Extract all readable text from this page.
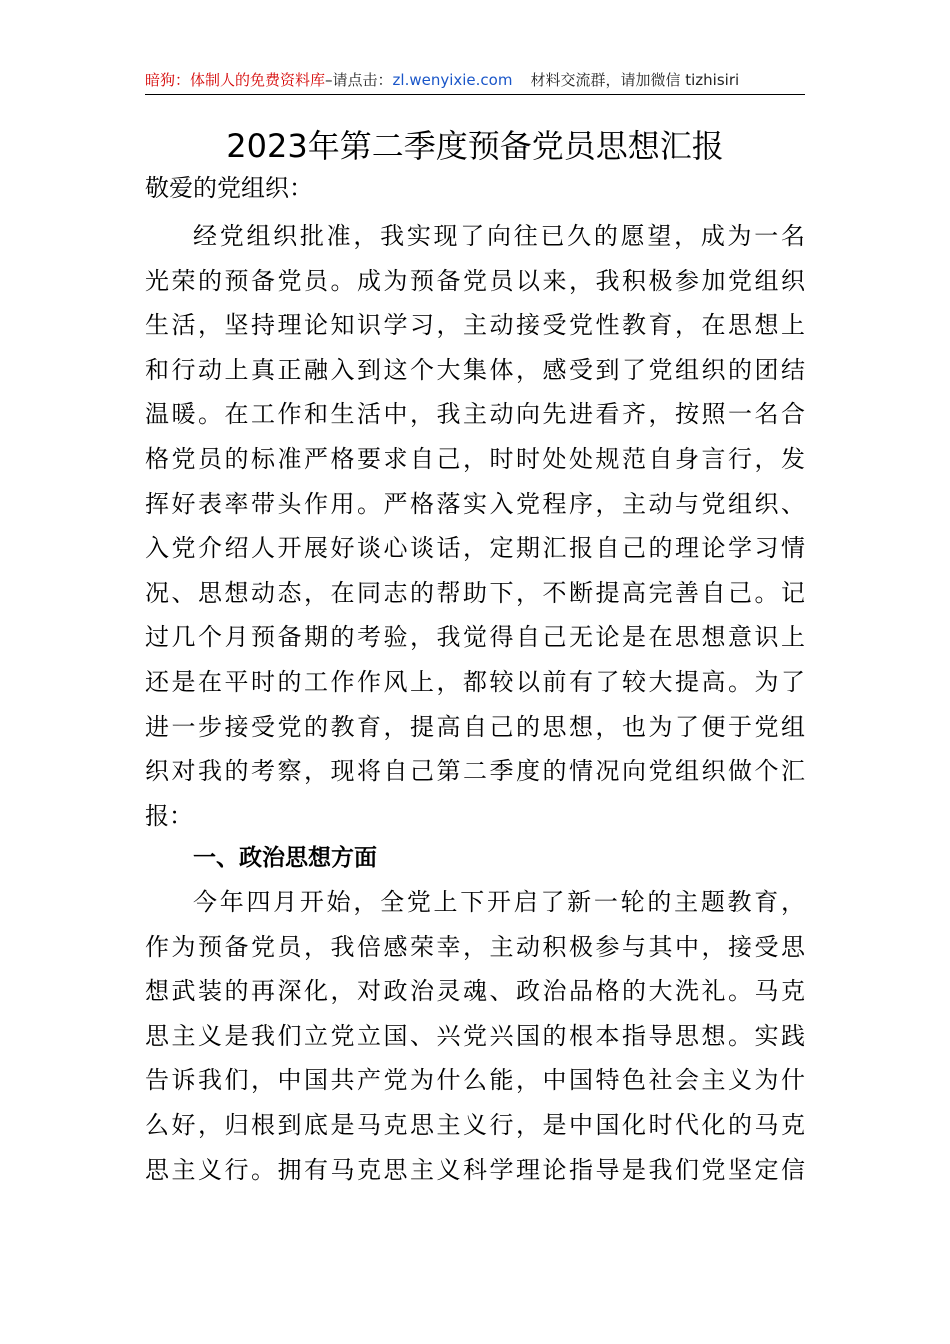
暗狗：体制人的免费资料库–请点击：zl.wenyixie.com 材料交流群，请加微信 tizhisiri
2023年第二季度预备党员思想汇报
敬爱的党组织：
经党组织批准，我实现了向往已久的愿望，成为一名
光荣的预备党员。成为预备党员以来，我积极参加党组织
生活，坚持理论知识学习，主动接受党性教育，在思想上
和行动上真正融入到这个大集体，感受到了党组织的团结
温暖。在工作和生活中，我主动向先进看齐，按照一名合
格党员的标准严格要求自己，时时处处规范自身言行，发
挥好表率带头作用。严格落实入党程序，主动与党组织、
入党介绍人开展好谈心谈话，定期汇报自己的理论学习情
况、思想动态，在同志的帮助下，不断提高完善自己。记
过几个月预备期的考验，我觉得自己无论是在思想意识上
还是在平时的工作作风上，都较以前有了较大提高。为了
进一步接受党的教育，提高自己的思想，也为了便于党组
织对我的考察，现将自己第二季度的情况向党组织做个汇
报：
一、政治思想方面
今年四月开始，全党上下开启了新一轮的主题教育，
作为预备党员，我倍感荣幸，主动积极参与其中，接受思
想武装的再深化，对政治灵魂、政治品格的大洗礼。马克
思主义是我们立党立国、兴党兴国的根本指导思想。实践
告诉我们，中国共产党为什么能，中国特色社会主义为什
么好，归根到底是马克思主义行，是中国化时代化的马克
思主义行。拥有马克思主义科学理论指导是我们党坚定信
